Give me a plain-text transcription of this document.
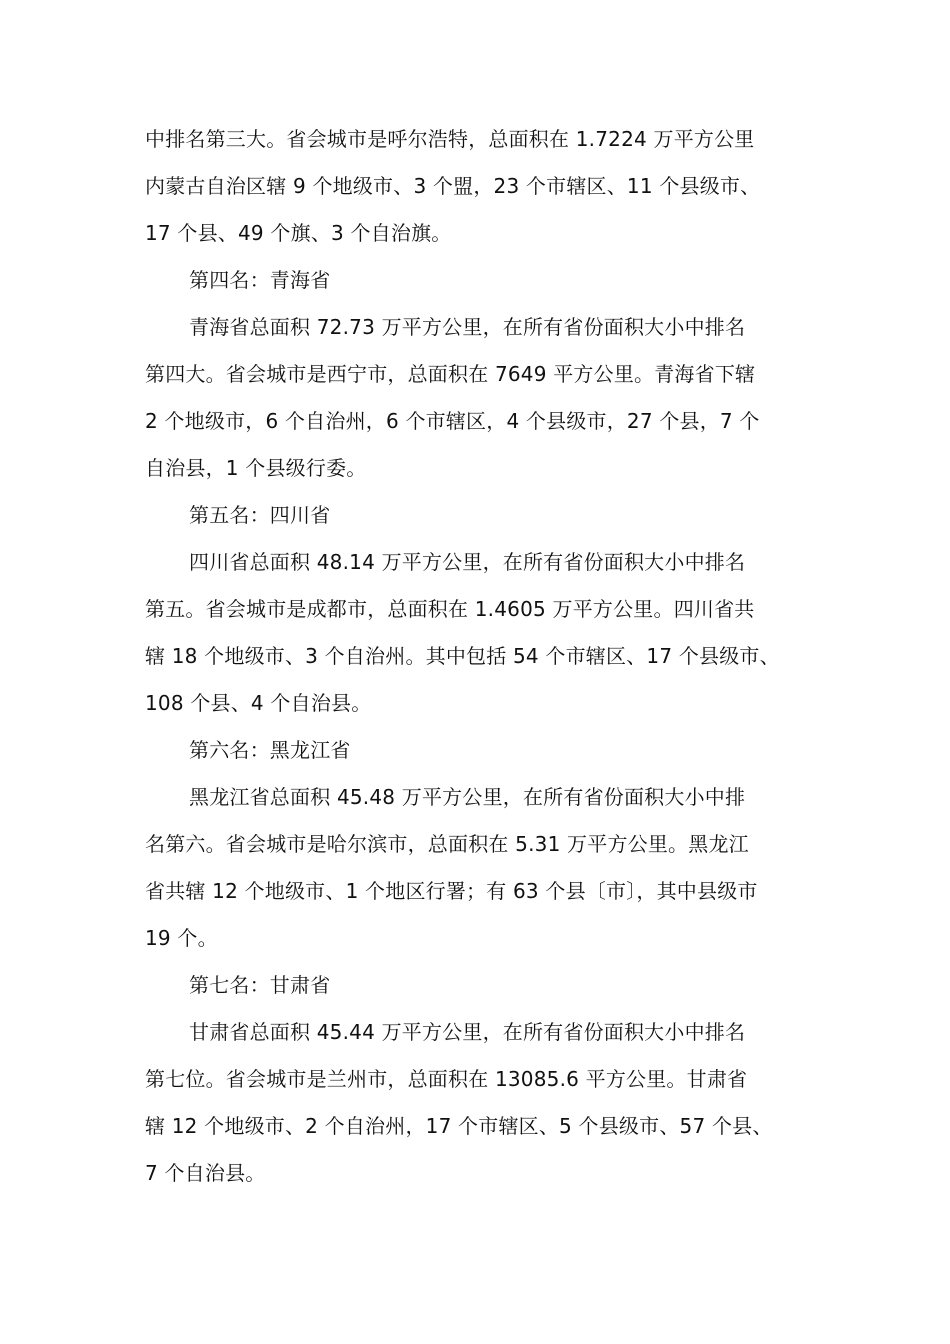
中排名第三大。省会城市是呼尔浩特，总面积在 1.7224 万平方公里
内蒙古自治区辖 9 个地级市、3 个盟，23 个市辖区、11 个县级市、
17 个县、49 个旗、3 个自治旗。
第四名：青海省
青海省总面积 72.73 万平方公里，在所有省份面积大小中排名
第四大。省会城市是西宁市，总面积在 7649 平方公里。青海省下辖
2 个地级市，6 个自治州，6 个市辖区，4 个县级市，27 个县，7 个
自治县，1 个县级行委。
第五名：四川省
四川省总面积 48.14 万平方公里，在所有省份面积大小中排名
第五。省会城市是成都市，总面积在 1.4605 万平方公里。四川省共
辖 18 个地级市、3 个自治州。其中包括 54 个市辖区、17 个县级市、
108 个县、4 个自治县。
第六名：黑龙江省
黑龙江省总面积 45.48 万平方公里，在所有省份面积大小中排
名第六。省会城市是哈尔滨市，总面积在 5.31 万平方公里。黑龙江
省共辖 12 个地级市、1 个地区行署；有 63 个县〔市〕，其中县级市
19 个。
第七名：甘肃省
甘肃省总面积 45.44 万平方公里，在所有省份面积大小中排名
第七位。省会城市是兰州市，总面积在 13085.6 平方公里。甘肃省
辖 12 个地级市、2 个自治州，17 个市辖区、5 个县级市、57 个县、
7 个自治县。
